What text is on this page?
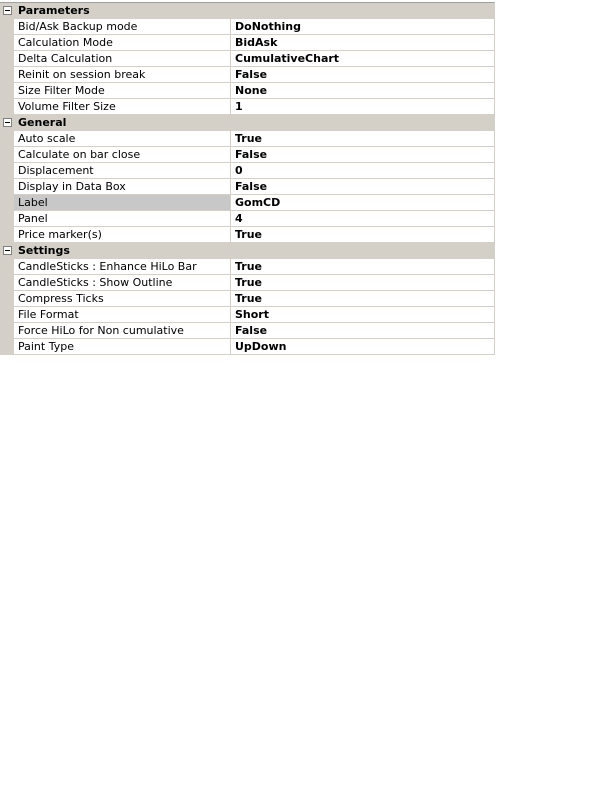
Parameters
Bid/Ask Backup mode	DoNothing
Calculation Mode	BidAsk
Delta Calculation	CumulativeChart
Reinit on session break	False
Size Filter Mode	None
Volume Filter Size	1
General
Auto scale	True
Calculate on bar close	False
Displacement	0
Display in Data Box	False
Label	GomCD
Panel	4
Price marker(s)	True
Settings
CandleSticks : Enhance HiLo Bar	True
CandleSticks : Show Outline	True
Compress Ticks	True
File Format	Short
Force HiLo for Non cumulative	False
Paint Type	UpDown
